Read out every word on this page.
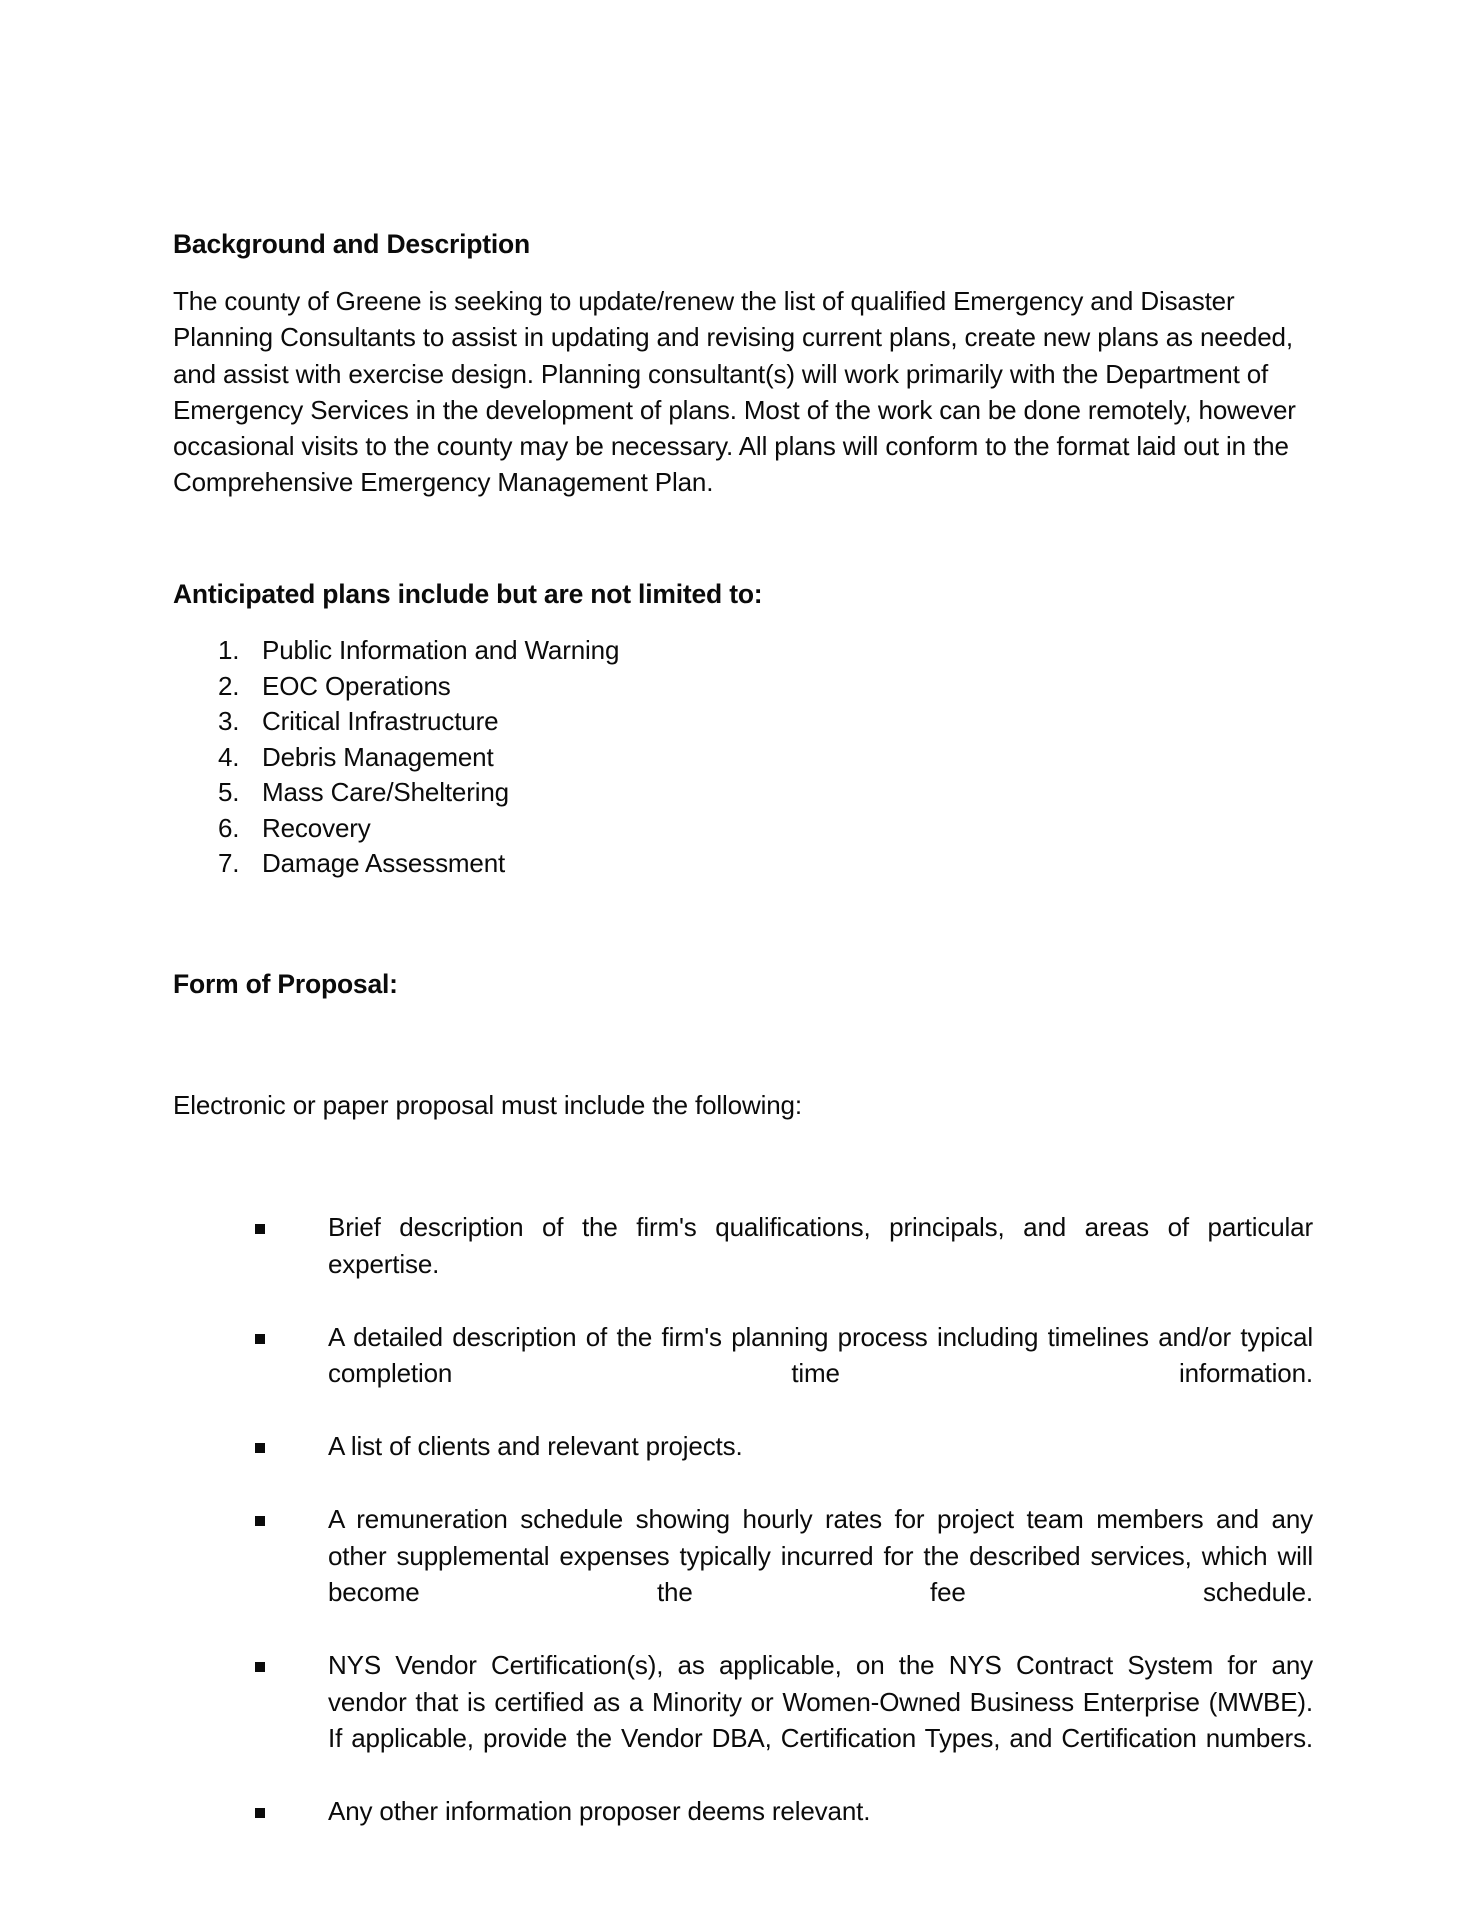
Background and Description

The county of Greene is seeking to update/renew the list of qualified Emergency and Disaster Planning Consultants to assist in updating and revising current plans, create new plans as needed, and assist with exercise design. Planning consultant(s) will work primarily with the Department of Emergency Services in the development of plans. Most of the work can be done remotely, however occasional visits to the county may be necessary. All plans will conform to the format laid out in the Comprehensive Emergency Management Plan.

Anticipated plans include but are not limited to:
1. Public Information and Warning
2. EOC Operations
3. Critical Infrastructure
4. Debris Management
5. Mass Care/Sheltering
6. Recovery
7. Damage Assessment
Form of Proposal:

Electronic or paper proposal must include the following:

Brief description of the firm's qualifications, principals, and areas of particular expertise.
A detailed description of the firm's planning process including timelines and/or typical completion time information.
A list of clients and relevant projects.
A remuneration schedule showing hourly rates for project team members and any other supplemental expenses typically incurred for the described services, which will become the fee schedule.
NYS Vendor Certification(s), as applicable, on the NYS Contract System for any vendor that is certified as a Minority or Women-Owned Business Enterprise (MWBE). If applicable, provide the Vendor DBA, Certification Types, and Certification numbers.
Any other information proposer deems relevant.
